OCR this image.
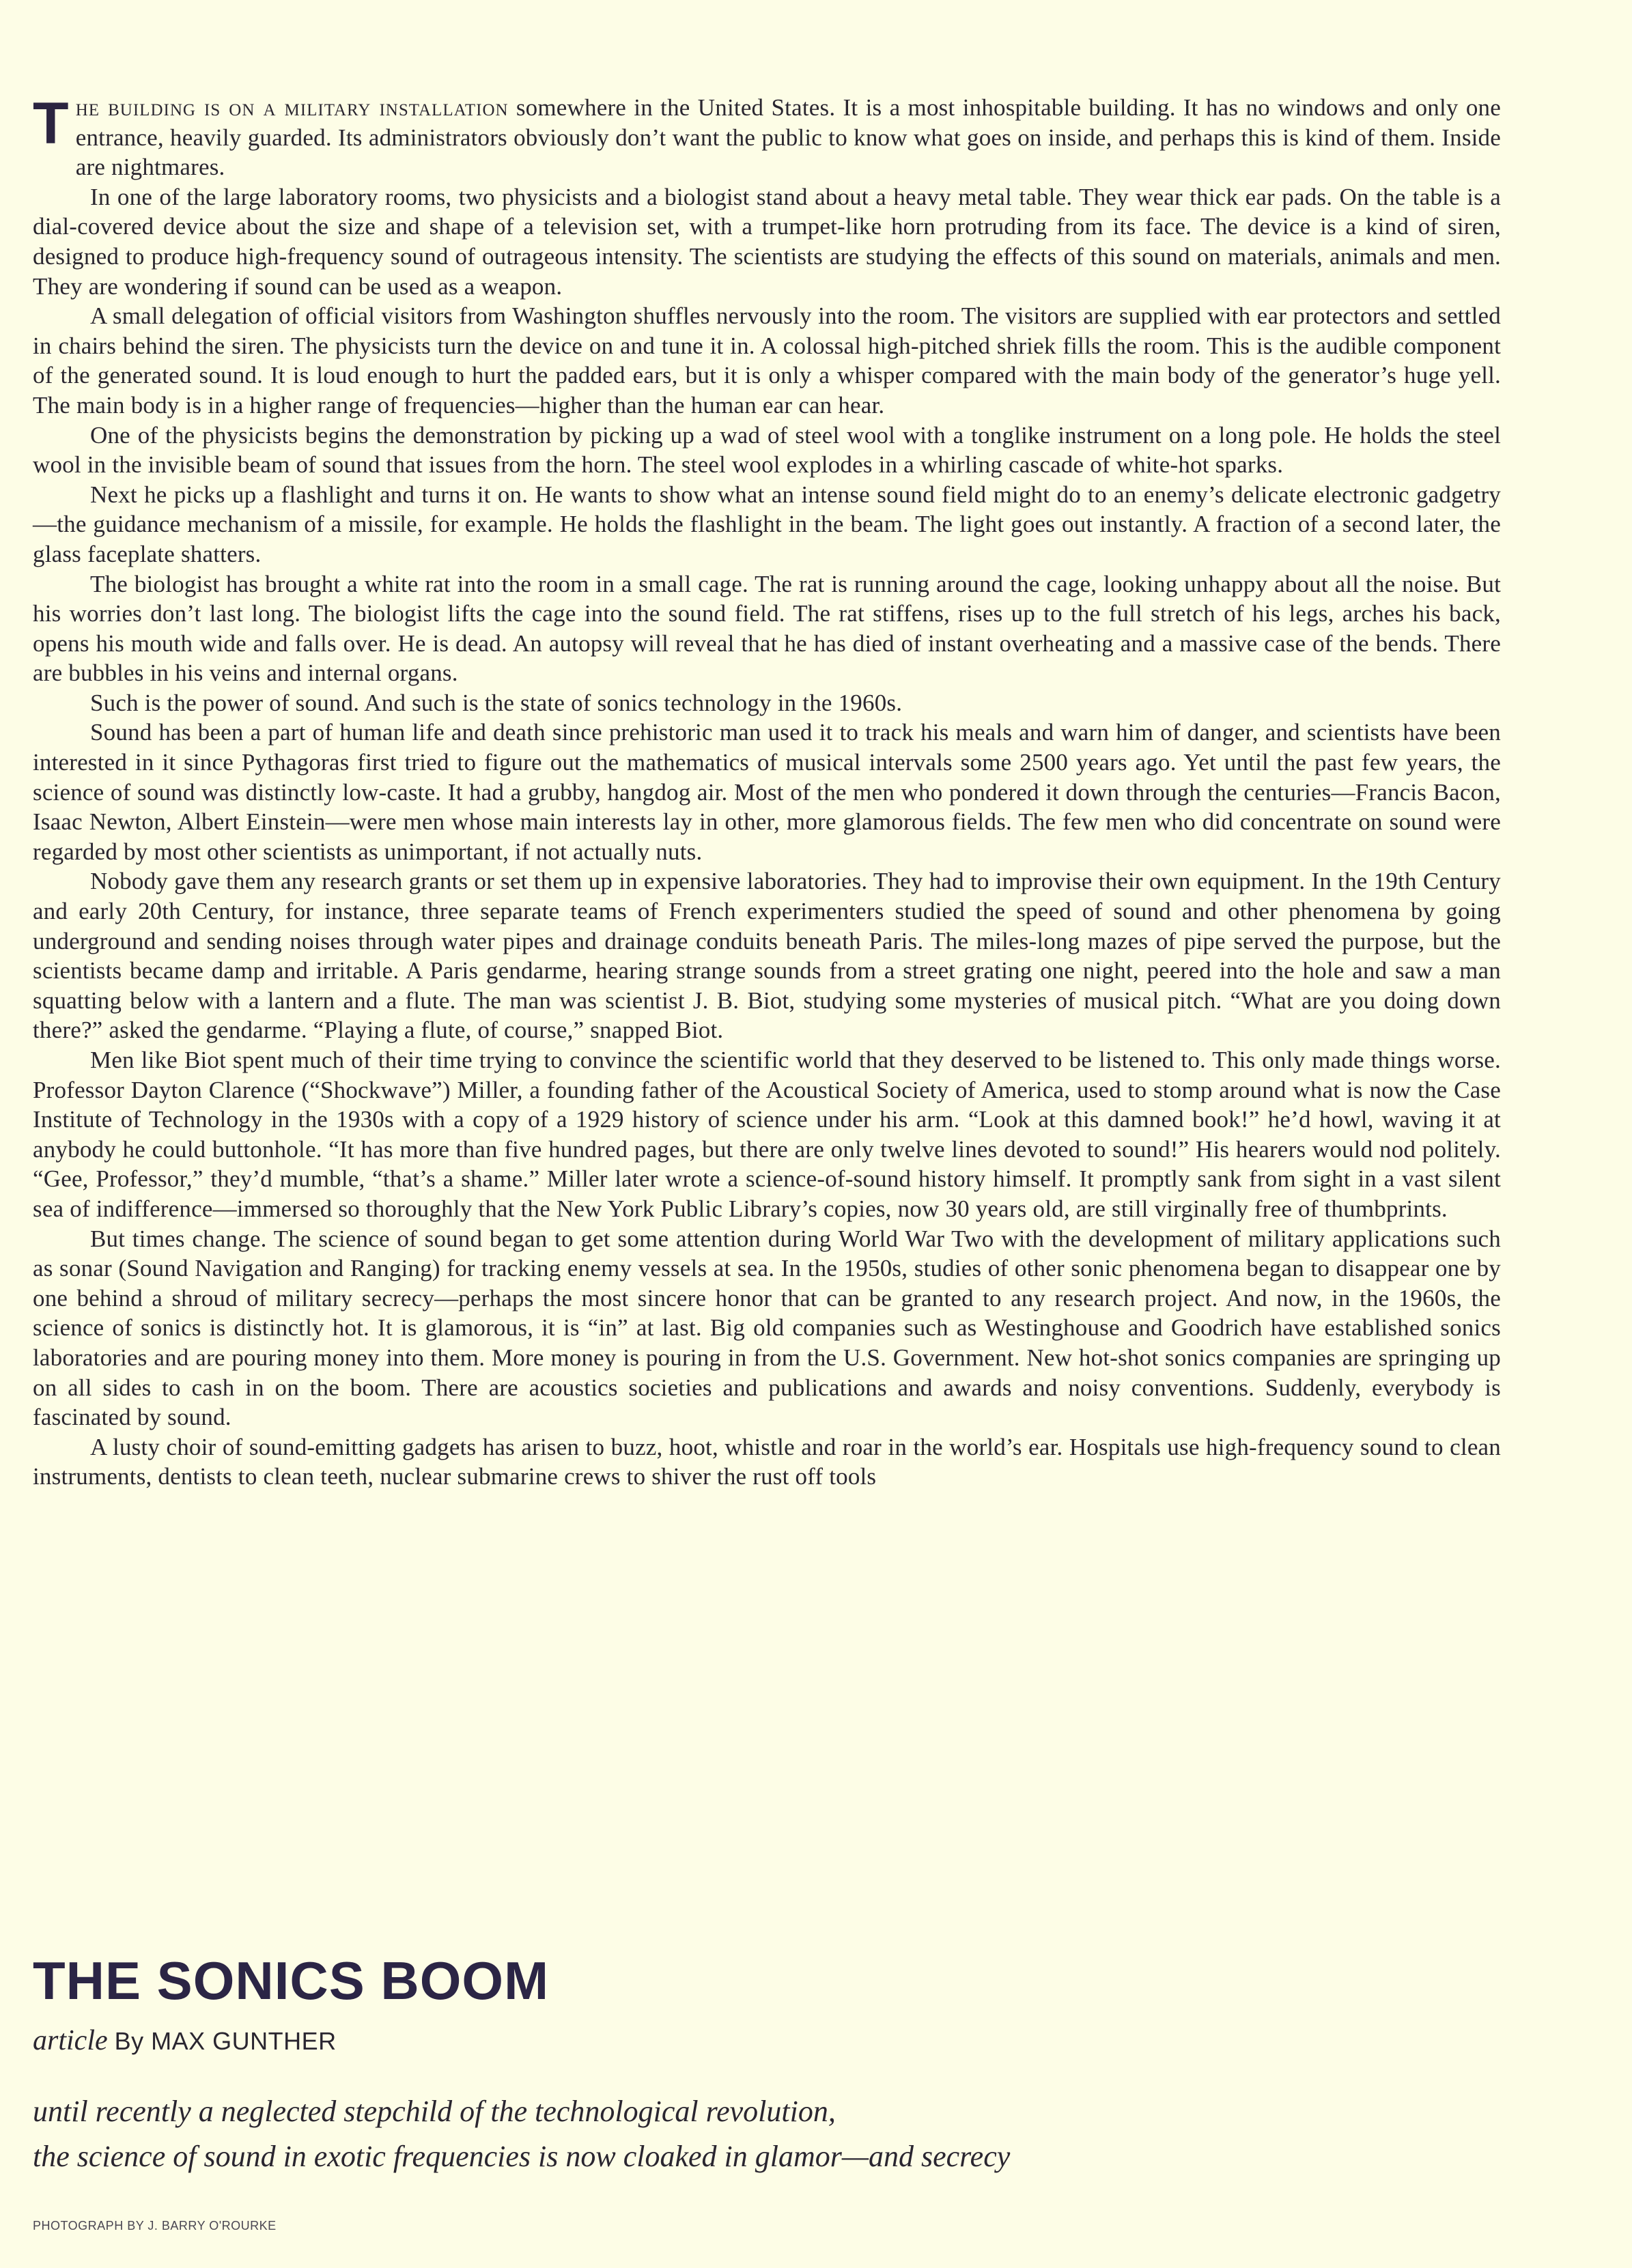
The building is on a military installation somewhere in the United States. It is a most inhospitable building. It has no windows and only one entrance, heavily guarded. Its administrators obviously don’t want the public to know what goes on inside, and perhaps this is kind of them. Inside are nightmares.

In one of the large laboratory rooms, two physicists and a biologist stand about a heavy metal table. They wear thick ear pads. On the table is a dial-covered device about the size and shape of a television set, with a trumpet-like horn protruding from its face. The device is a kind of siren, designed to produce high-frequency sound of outrageous intensity. The scientists are studying the effects of this sound on materials, animals and men. They are wondering if sound can be used as a weapon.

A small delegation of official visitors from Washington shuffles nervously into the room. The visitors are supplied with ear protectors and settled in chairs behind the siren. The physicists turn the device on and tune it in. A colossal high-pitched shriek fills the room. This is the audible component of the generated sound. It is loud enough to hurt the padded ears, but it is only a whisper compared with the main body of the generator’s huge yell. The main body is in a higher range of frequencies—higher than the human ear can hear.

One of the physicists begins the demonstration by picking up a wad of steel wool with a tonglike instrument on a long pole. He holds the steel wool in the invisible beam of sound that issues from the horn. The steel wool explodes in a whirling cascade of white-hot sparks.

Next he picks up a flashlight and turns it on. He wants to show what an intense sound field might do to an enemy’s delicate electronic gadgetry—the guidance mechanism of a missile, for example. He holds the flashlight in the beam. The light goes out instantly. A fraction of a second later, the glass faceplate shatters.

The biologist has brought a white rat into the room in a small cage. The rat is running around the cage, looking unhappy about all the noise. But his worries don’t last long. The biologist lifts the cage into the sound field. The rat stiffens, rises up to the full stretch of his legs, arches his back, opens his mouth wide and falls over. He is dead. An autopsy will reveal that he has died of instant overheating and a massive case of the bends. There are bubbles in his veins and internal organs.

Such is the power of sound. And such is the state of sonics technology in the 1960s.

Sound has been a part of human life and death since prehistoric man used it to track his meals and warn him of danger, and scientists have been interested in it since Pythagoras first tried to figure out the mathematics of musical intervals some 2500 years ago. Yet until the past few years, the science of sound was distinctly low-caste. It had a grubby, hangdog air. Most of the men who pondered it down through the centuries—Francis Bacon, Isaac Newton, Albert Einstein—were men whose main interests lay in other, more glamorous fields. The few men who did concentrate on sound were regarded by most other scientists as unimportant, if not actually nuts.

Nobody gave them any research grants or set them up in expensive laboratories. They had to improvise their own equipment. In the 19th Century and early 20th Century, for instance, three separate teams of French experimenters studied the speed of sound and other phenomena by going underground and sending noises through water pipes and drainage conduits beneath Paris. The miles-long mazes of pipe served the purpose, but the scientists became damp and irritable. A Paris gendarme, hearing strange sounds from a street grating one night, peered into the hole and saw a man squatting below with a lantern and a flute. The man was scientist J. B. Biot, studying some mysteries of musical pitch. “What are you doing down there?” asked the gendarme. “Playing a flute, of course,” snapped Biot.

Men like Biot spent much of their time trying to convince the scientific world that they deserved to be listened to. This only made things worse. Professor Dayton Clarence (“Shockwave”) Miller, a founding father of the Acoustical Society of America, used to stomp around what is now the Case Institute of Technology in the 1930s with a copy of a 1929 history of science under his arm. “Look at this damned book!” he’d howl, waving it at anybody he could buttonhole. “It has more than five hundred pages, but there are only twelve lines devoted to sound!” His hearers would nod politely. “Gee, Professor,” they’d mumble, “that’s a shame.” Miller later wrote a science-of-sound history himself. It promptly sank from sight in a vast silent sea of indifference—immersed so thoroughly that the New York Public Library’s copies, now 30 years old, are still virginally free of thumbprints.

But times change. The science of sound began to get some attention during World War Two with the development of military applications such as sonar (Sound Navigation and Ranging) for tracking enemy vessels at sea. In the 1950s, studies of other sonic phenomena began to disappear one by one behind a shroud of military secrecy—perhaps the most sincere honor that can be granted to any research project. And now, in the 1960s, the science of sonics is distinctly hot. It is glamorous, it is “in” at last. Big old companies such as Westinghouse and Goodrich have established sonics laboratories and are pouring money into them. More money is pouring in from the U.S. Government. New hot-shot sonics companies are springing up on all sides to cash in on the boom. There are acoustics societies and publications and awards and noisy conventions. Suddenly, everybody is fascinated by sound.

A lusty choir of sound-emitting gadgets has arisen to buzz, hoot, whistle and roar in the world’s ear. Hospitals use high-frequency sound to clean instruments, dentists to clean teeth, nuclear submarine crews to shiver the rust off tools

THE SONICS BOOM
article By MAX GUNTHER
until recently a neglected stepchild of the technological revolution,
the science of sound in exotic frequencies is now cloaked in glamor—and secrecy
PHOTOGRAPH BY J. BARRY O'ROURKE
